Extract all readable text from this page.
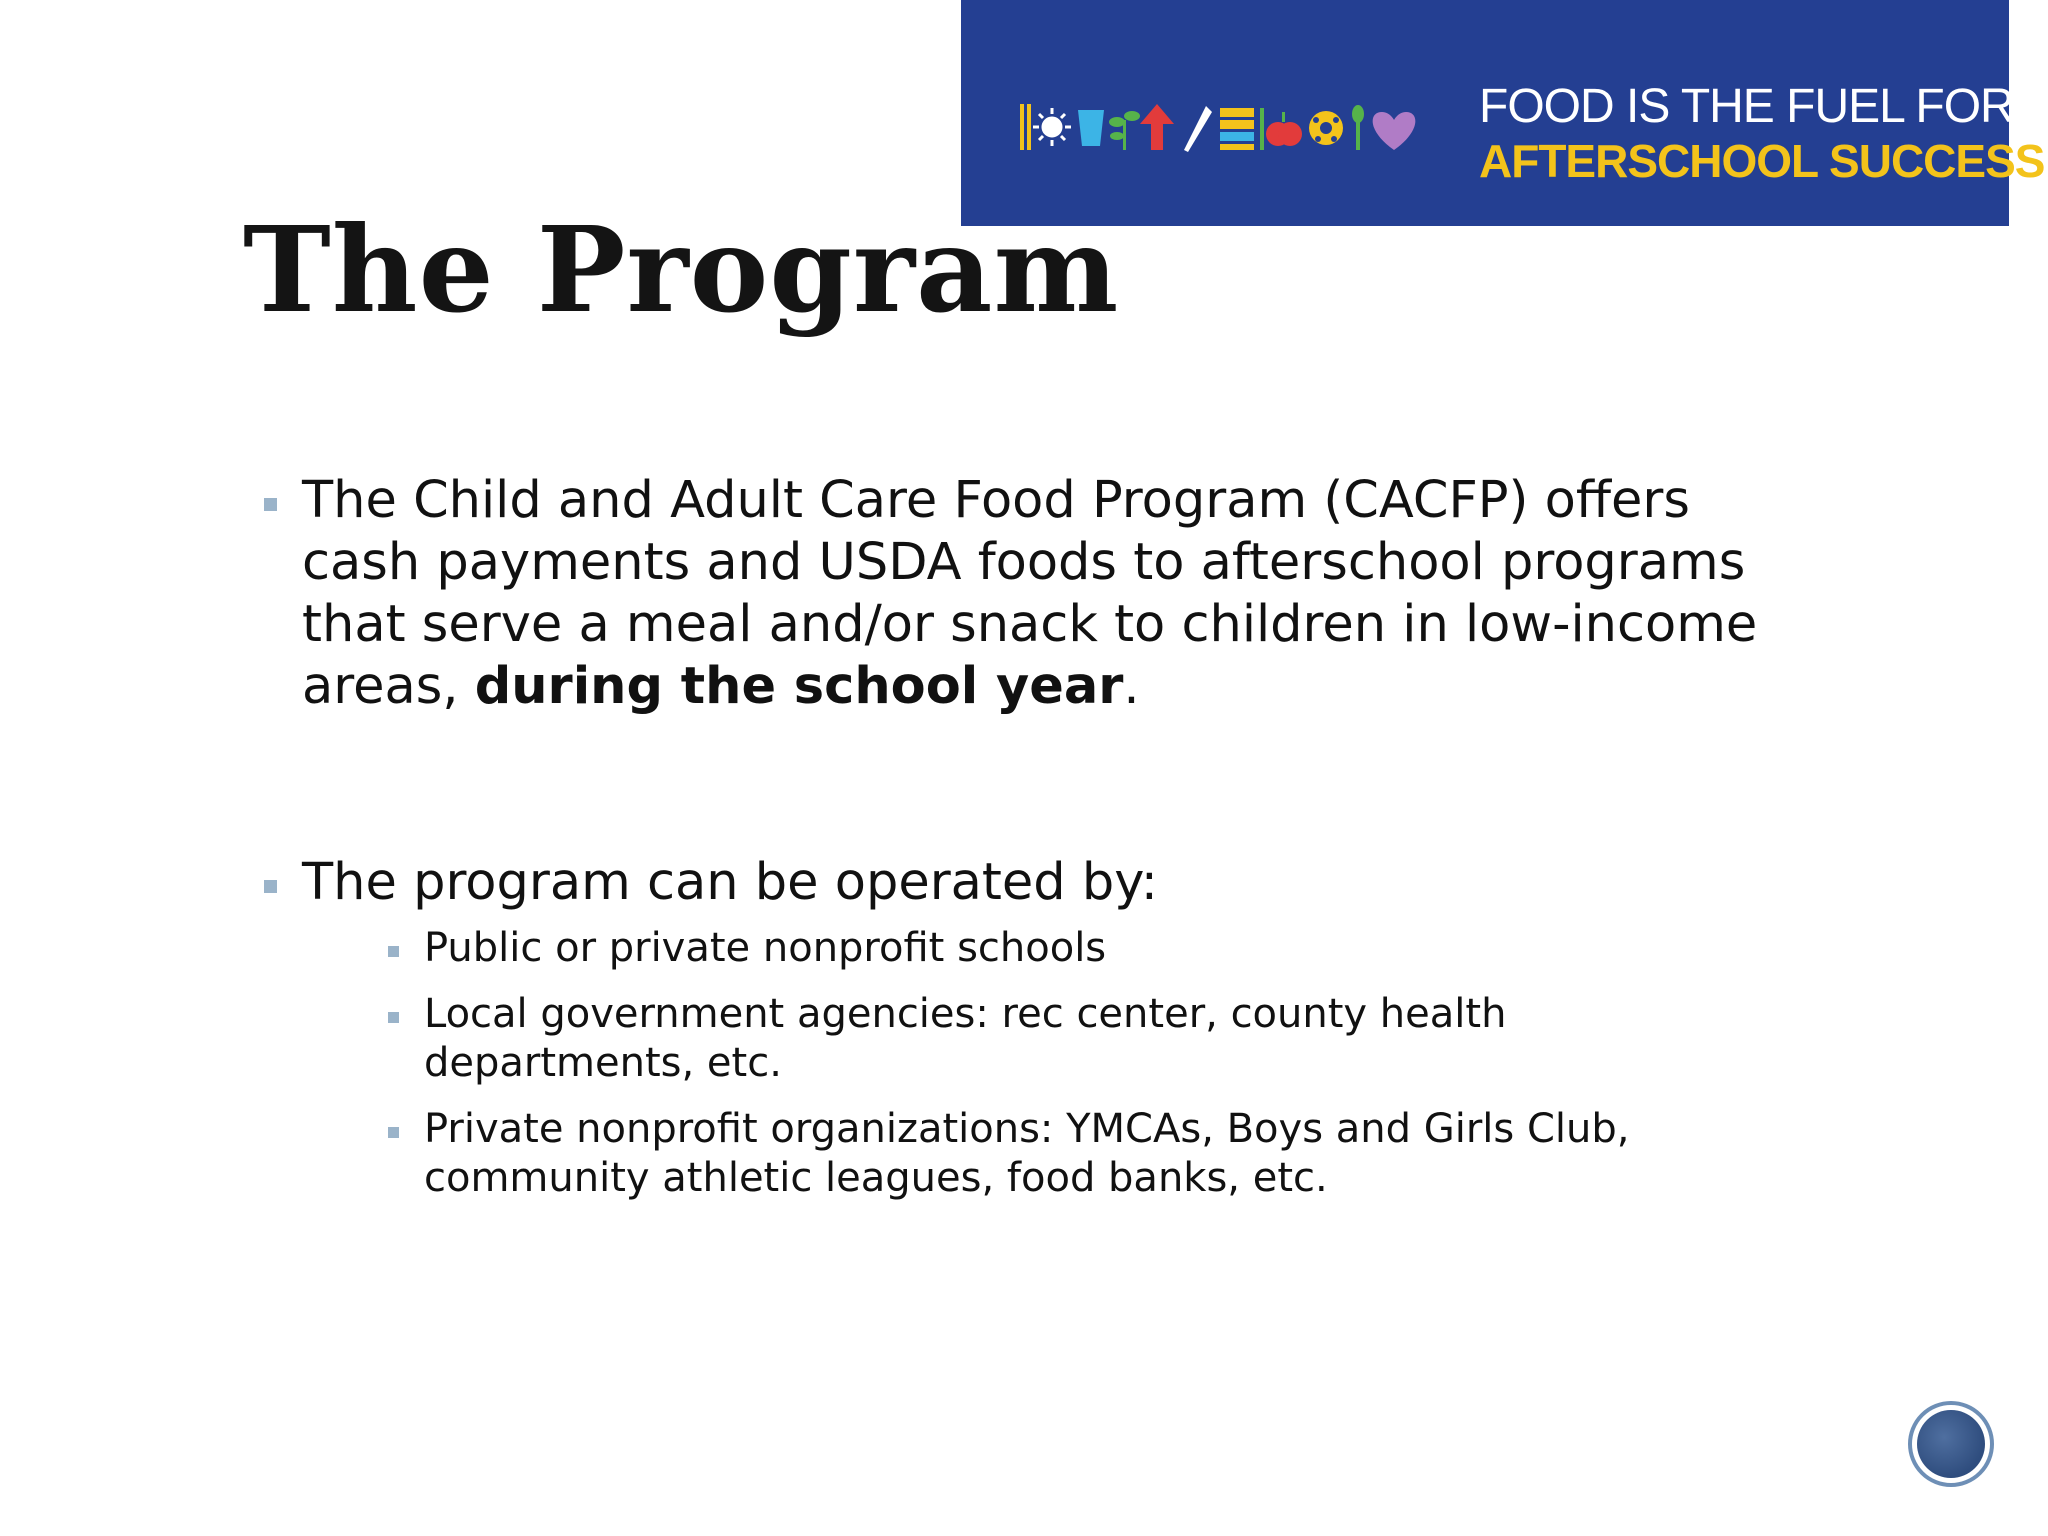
FOOD IS THE FUEL FOR
AFTERSCHOOL SUCCESS
The Program
The Child and Adult Care Food Program (CACFP) offers cash payments and USDA foods to afterschool programs that serve a meal and/or snack to children in low-income areas, during the school year.
The program can be operated by:
Public or private nonprofit schools
Local government agencies: rec center, county health departments, etc.
Private nonprofit organizations: YMCAs, Boys and Girls Club, community athletic leagues, food banks, etc.
